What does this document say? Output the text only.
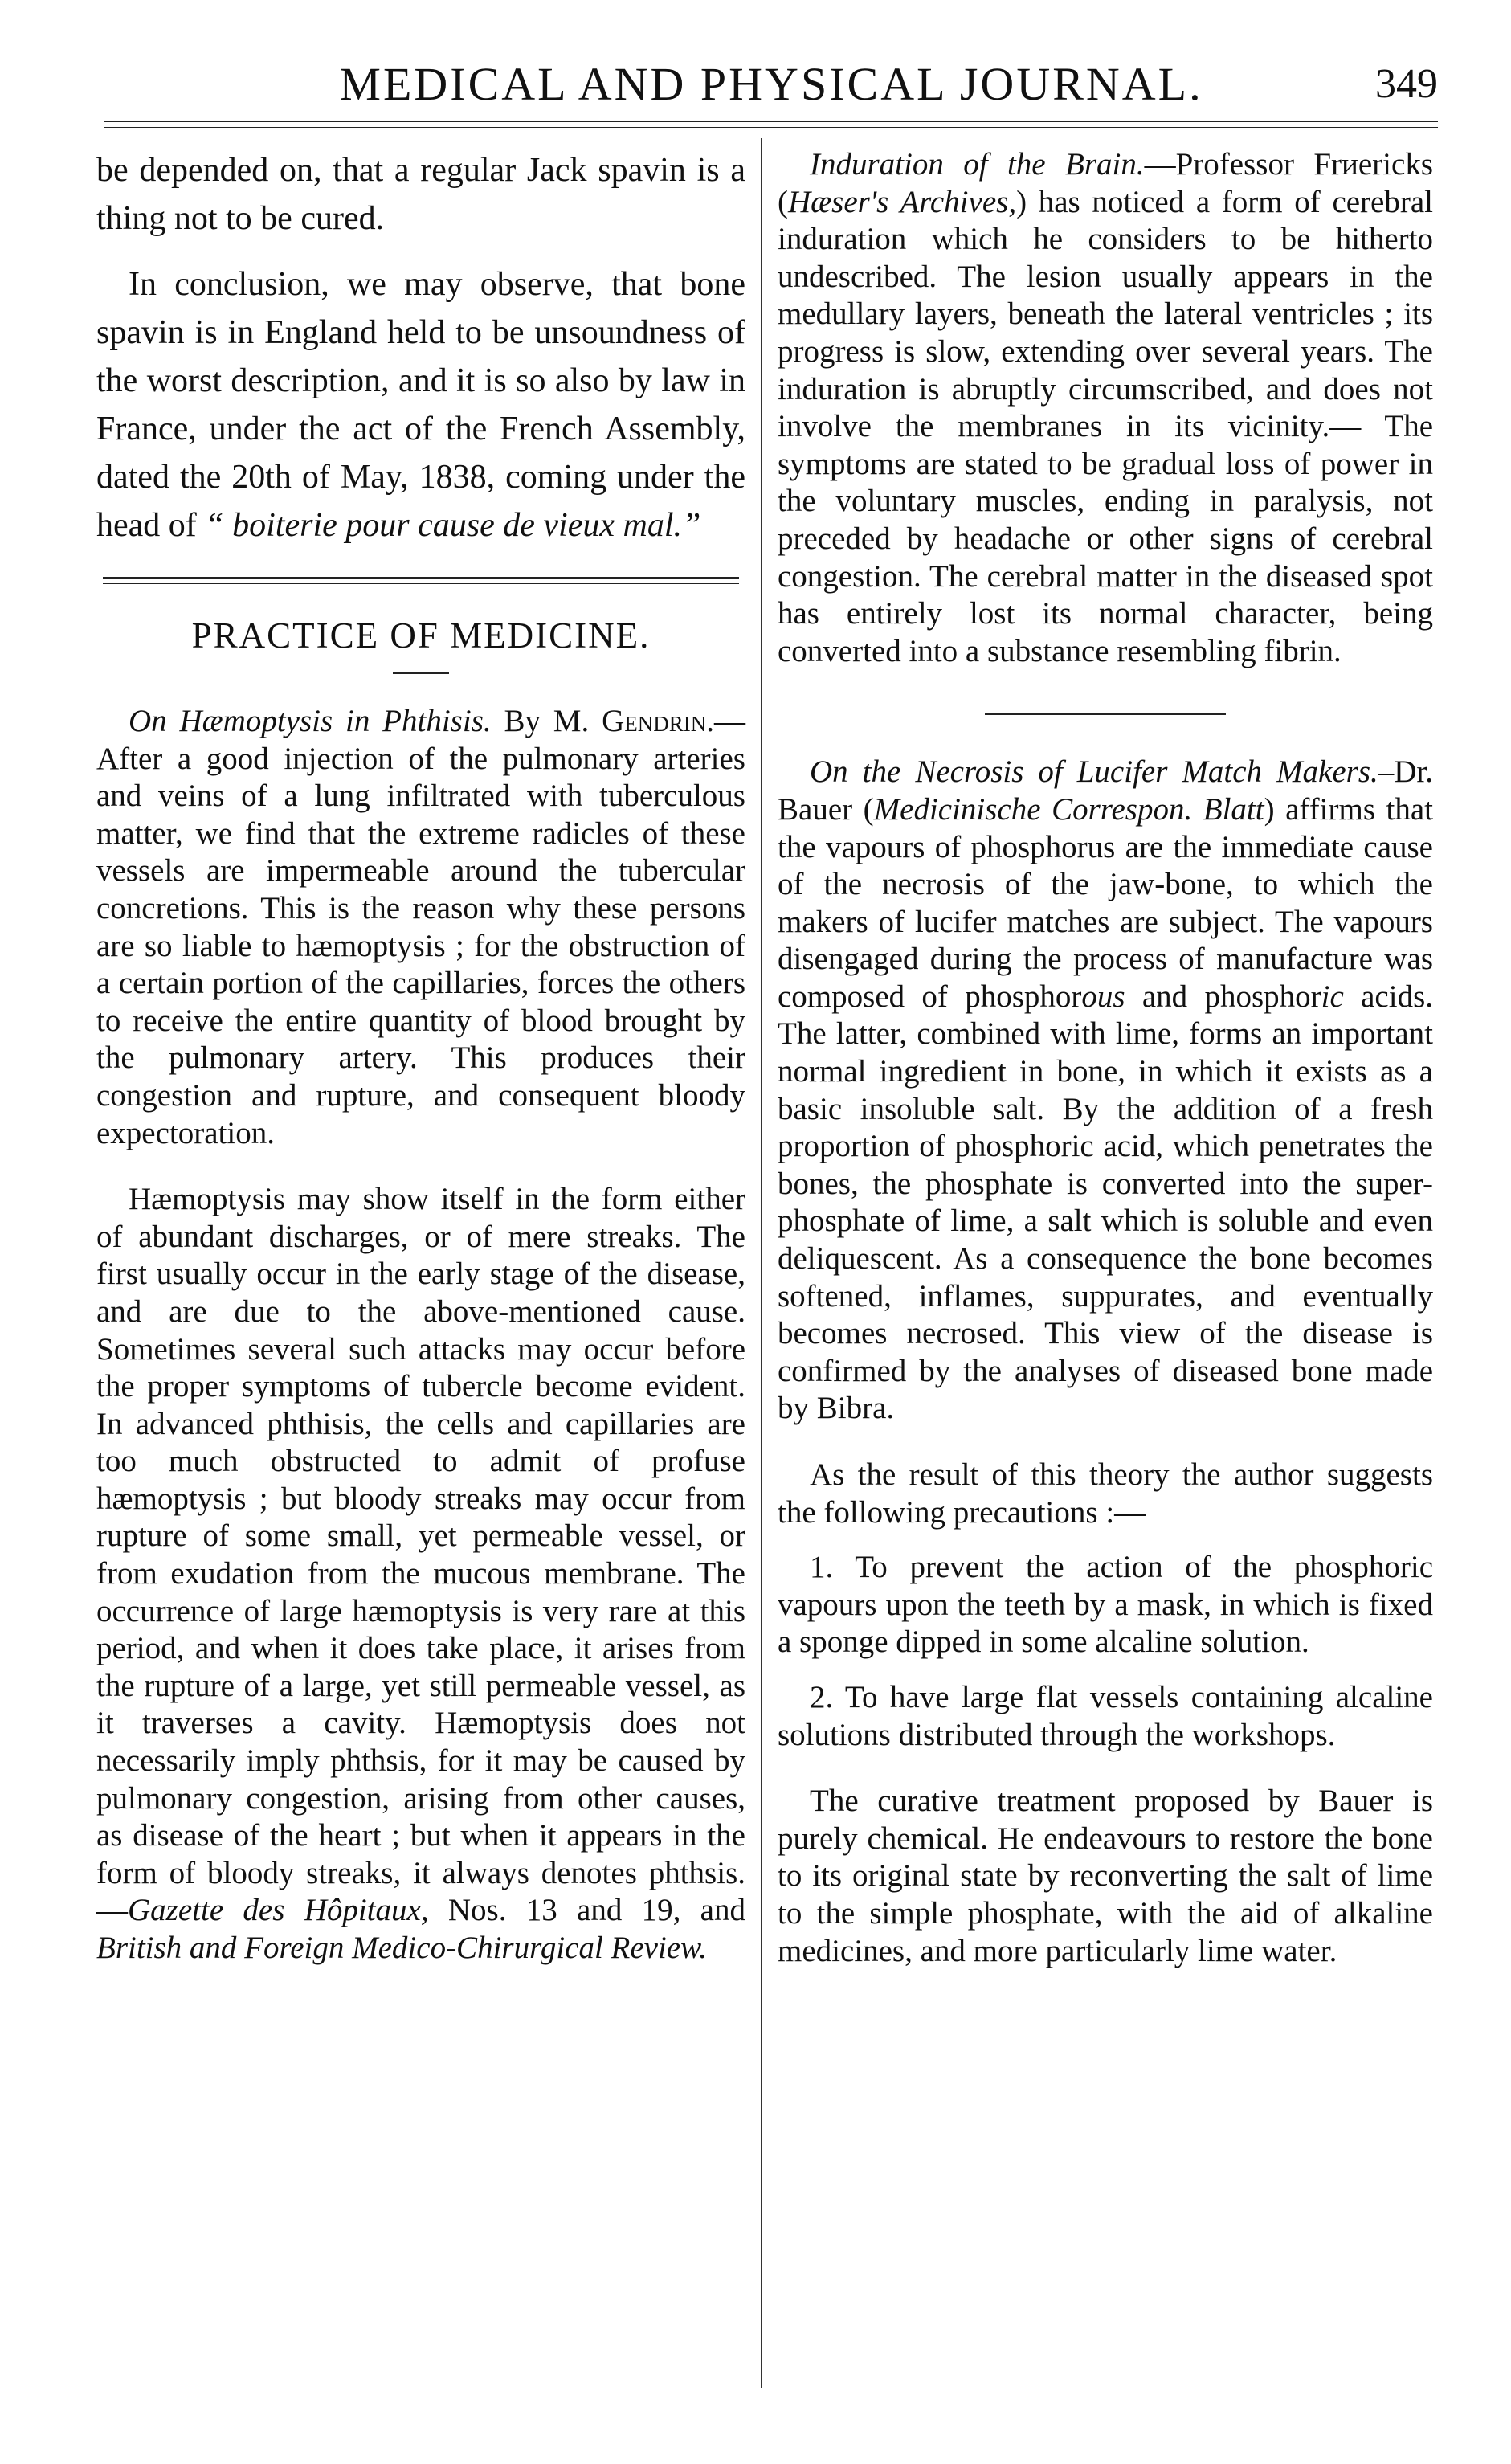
MEDICAL AND PHYSICAL JOURNAL.	349

be depended on, that a regular Jack spavin is a thing not to be cured.

In conclusion, we may observe, that bone spavin is in England held to be unsoundness of the worst description, and it is so also by law in France, under the act of the French Assembly, dated the 20th of May, 1838, coming under the head of “ boiterie pour cause de vieux mal.”

PRACTICE OF MEDICINE.

On Hæmoptysis in Phthisis. By M. Gendrin.—After a good injection of the pulmonary arteries and veins of a lung infiltrated with tuberculous matter, we find that the extreme radicles of these vessels are impermeable around the tubercular concretions. This is the reason why these persons are so liable to hæmoptysis ; for the obstruction of a certain portion of the capillaries, forces the others to receive the entire quantity of blood brought by the pulmonary artery. This produces their congestion and rupture, and consequent bloody expectoration.

Hæmoptysis may show itself in the form either of abundant discharges, or of mere streaks. The first usually occur in the early stage of the disease, and are due to the above-mentioned cause. Sometimes several such attacks may occur before the proper symptoms of tubercle become evident. In advanced phthisis, the cells and capillaries are too much obstructed to admit of profuse hæmoptysis ; but bloody streaks may occur from rupture of some small, yet permeable vessel, or from exudation from the mucous membrane. The occurrence of large hæmoptysis is very rare at this period, and when it does take place, it arises from the rupture of a large, yet still permeable vessel, as it traverses a cavity. Hæmoptysis does not necessarily imply phthsis, for it may be caused by pulmonary congestion, arising from other causes, as disease of the heart ; but when it appears in the form of bloody streaks, it always denotes phthsis.—Gazette des Hôpitaux, Nos. 13 and 19, and British and Foreign Medico-Chirurgical Review.

Induration of the Brain.—Professor Frиericks (Hæser's Archives,) has noticed a form of cerebral induration which he considers to be hitherto undescribed. The lesion usually appears in the medullary layers, beneath the lateral ventricles ; its progress is slow, extending over several years. The induration is abruptly circumscribed, and does not involve the membranes in its vicinity.— The symptoms are stated to be gradual loss of power in the voluntary muscles, ending in paralysis, not preceded by headache or other signs of cerebral congestion. The cerebral matter in the diseased spot has entirely lost its normal character, being converted into a substance resembling fibrin.

On the Necrosis of Lucifer Match Makers.–Dr. Bauer (Medicinische Correspon. Blatt) affirms that the vapours of phosphorus are the immediate cause of the necrosis of the jaw-bone, to which the makers of lucifer matches are subject. The vapours disengaged during the process of manufacture was composed of phosphorous and phosphoric acids. The latter, combined with lime, forms an important normal ingredient in bone, in which it exists as a basic insoluble salt. By the addition of a fresh proportion of phosphoric acid, which penetrates the bones, the phosphate is converted into the super-phosphate of lime, a salt which is soluble and even deliquescent. As a consequence the bone becomes softened, inflames, suppurates, and eventually becomes necrosed. This view of the disease is confirmed by the analyses of diseased bone made by Bibra.

As the result of this theory the author suggests the following precautions :—

1. To prevent the action of the phosphoric vapours upon the teeth by a mask, in which is fixed a sponge dipped in some alcaline solution.

2. To have large flat vessels containing alcaline solutions distributed through the workshops.

The curative treatment proposed by Bauer is purely chemical. He endeavours to restore the bone to its original state by reconverting the salt of lime to the simple phosphate, with the aid of alkaline medicines, and more particularly lime water.
